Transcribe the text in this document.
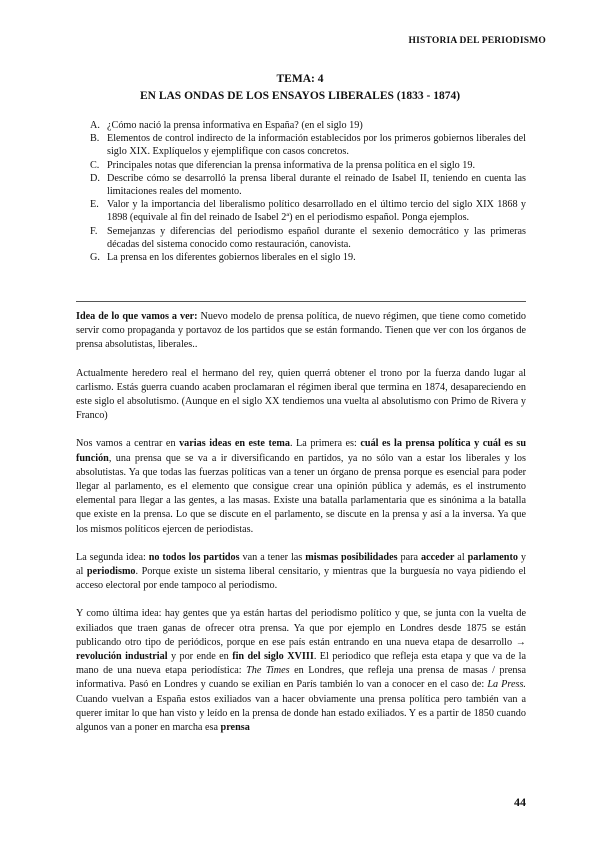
HISTORIA DEL PERIODISMO
TEMA: 4
EN LAS ONDAS DE LOS ENSAYOS LIBERALES (1833 - 1874)
A. ¿Cómo nació la prensa informativa en España? (en el siglo 19)
B. Elementos de control indirecto de la información establecidos por los primeros gobiernos liberales del siglo XIX. Explíquelos y ejemplifique con casos concretos.
C. Principales notas que diferencian la prensa informativa de la prensa política en el siglo 19.
D. Describe cómo se desarrolló la prensa liberal durante el reinado de Isabel II, teniendo en cuenta las limitaciones reales del momento.
E. Valor y la importancia del liberalismo político desarrollado en el último tercio del siglo XIX 1868 y 1898 (equivale al fin del reinado de Isabel 2ª) en el periodismo español. Ponga ejemplos.
F. Semejanzas y diferencias del periodismo español durante el sexenio democrático y las primeras décadas del sistema conocido como restauración, canovista.
G. La prensa en los diferentes gobiernos liberales en el siglo 19.

Idea de lo que vamos a ver: Nuevo modelo de prensa política, de nuevo régimen, que tiene como cometido servir como propaganda y portavoz de los partidos que se están formando. Tienen que ver con los órganos de prensa absolutistas, liberales..

Actualmente heredero real el hermano del rey, quien querrá obtener el trono por la fuerza dando lugar al carlismo. Estás guerra cuando acaben proclamaran el régimen iberal que termina en 1874, desapareciendo en este siglo el absolutismo. (Aunque en el siglo XX tendiemos una vuelta al absolutismo con Primo de Rivera y Franco)

Nos vamos a centrar en varias ideas en este tema. La primera es: cuál es la prensa política y cuál es su función, una prensa que se va a ir diversificando en partidos, ya no sólo van a estar los liberales y los absolutistas. Ya que todas las fuerzas políticas van a tener un órgano de prensa porque es esencial para poder llegar al parlamento, es el elemento que consigue crear una opinión pública y además, es el instrumento elemental para llegar a las gentes, a las masas. Existe una batalla parlamentaria que es sinónima a la batalla que existe en la prensa. Lo que se discute en el parlamento, se discute en la prensa y así a la inversa. Ya que los mismos políticos ejercen de periodistas.

La segunda idea: no todos los partidos van a tener las mismas posibilidades para acceder al parlamento y al periodismo. Porque existe un sistema liberal censitario, y mientras que la burguesía no vaya pidiendo el acceso electoral por ende tampoco al periodismo.

Y como última idea: hay gentes que ya están hartas del periodismo político y que, se junta con la vuelta de exiliados que traen ganas de ofrecer otra prensa. Ya que por ejemplo en Londres desde 1875 se están publicando otro tipo de periódicos, porque en ese país están entrando en una nueva etapa de desarrollo → revolución industrial y por ende en fin del siglo XVIII. El periodico que refleja esta etapa y que va de la mano de una nueva etapa periodística: The Times en Londres, que refleja una prensa de masas / prensa informativa. Pasó en Londres y cuando se exilian en París también lo van a conocer en el caso de: La Press. Cuando vuelvan a España estos exiliados van a hacer obviamente una prensa política pero también van a querer imitar lo que han visto y leído en la prensa de donde han estado exiliados. Y es a partir de 1850 cuando algunos van a poner en marcha esa prensa

44
